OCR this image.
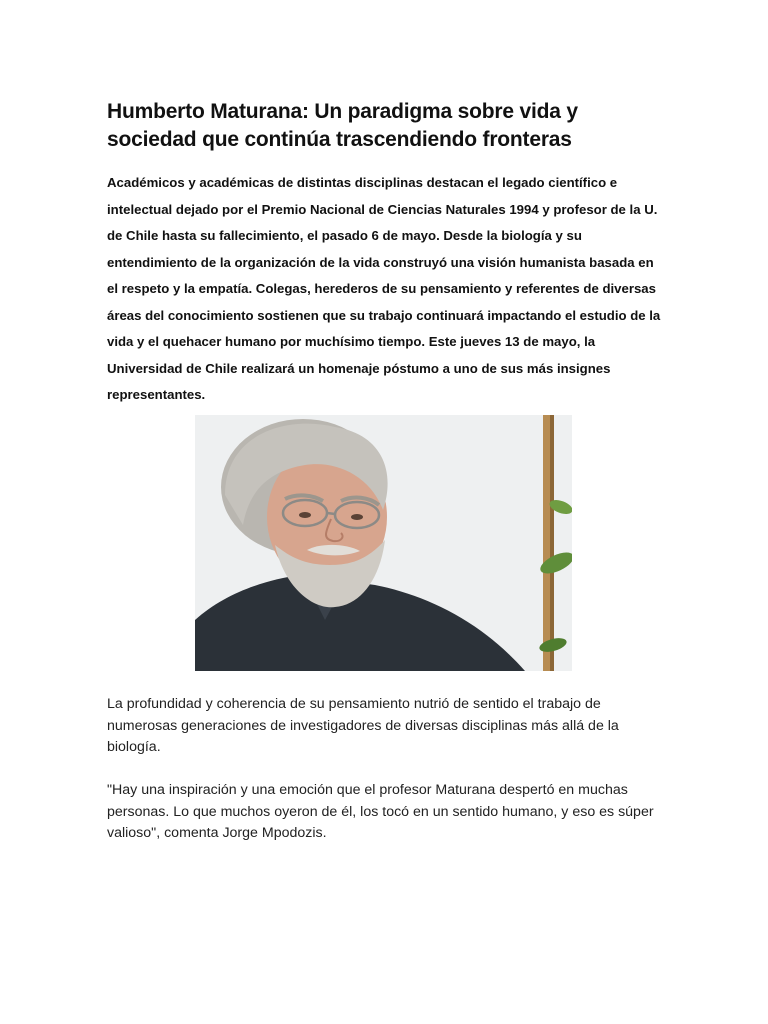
Humberto Maturana: Un paradigma sobre vida y sociedad que continúa trascendiendo fronteras

Académicos y académicas de distintas disciplinas destacan el legado científico e intelectual dejado por el Premio Nacional de Ciencias Naturales 1994 y profesor de la U. de Chile hasta su fallecimiento, el pasado 6 de mayo. Desde la biología y su entendimiento de la organización de la vida construyó una visión humanista basada en el respeto y la empatía. Colegas, herederos de su pensamiento y referentes de diversas áreas del conocimiento sostienen que su trabajo continuará impactando el estudio de la vida y el quehacer humano por muchísimo tiempo. Este jueves 13 de mayo, la Universidad de Chile realizará un homenaje póstumo a uno de sus más insignes representantes.

La profundidad y coherencia de su pensamiento nutrió de sentido el trabajo de numerosas generaciones de investigadores de diversas disciplinas más allá de la biología.

"Hay una inspiración y una emoción que el profesor Maturana despertó en muchas personas. Lo que muchos oyeron de él, los tocó en un sentido humano, y eso es súper valioso", comenta Jorge Mpodozis.
